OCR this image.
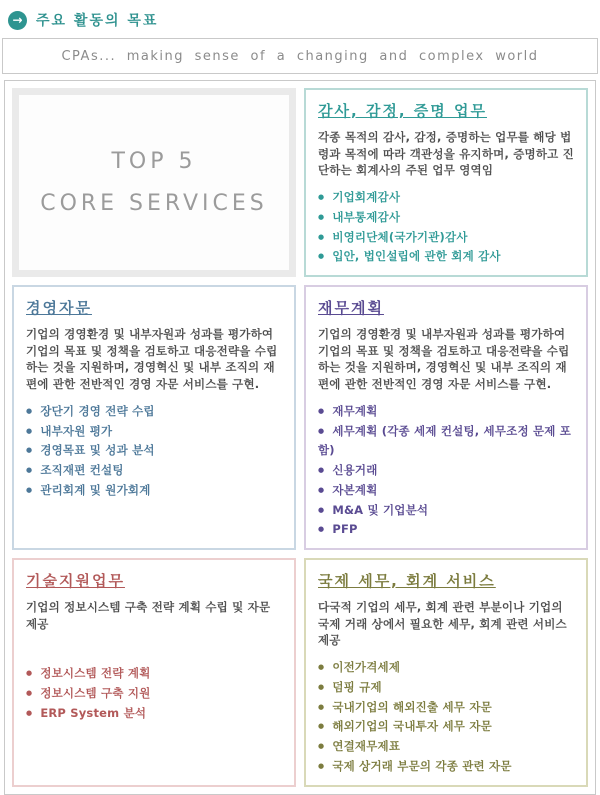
→ 주요 활동의 목표
CPAs... making sense of a changing and complex world
TOP 5
CORE SERVICES
감사, 감정, 증명 업무

각종 목적의 감사, 감정, 증명하는 업무를 해당 법령과 목적에 따라 객관성을 유지하며, 증명하고 진단하는 회계사의 주된 업무 영역임

● 기업회계감사
● 내부통제감사
● 비영리단체(국가기관)감사
● 입안, 법인설립에 관한 회계 감사
경영자문

기업의 경영환경 및 내부자원과 성과를 평가하여 기업의 목표 및 정책을 검토하고 대응전략을 수립하는 것을 지원하며, 경영혁신 및 내부 조직의 재편에 관한 전반적인 경영 자문 서비스를 구현.

● 장단기 경영 전략 수립
● 내부자원 평가
● 경영목표 및 성과 분석
● 조직재편 컨설팅
● 관리회계 및 원가회계
재무계획

기업의 경영환경 및 내부자원과 성과를 평가하여 기업의 목표 및 정책을 검토하고 대응전략을 수립하는 것을 지원하며, 경영혁신 및 내부 조직의 재편에 관한 전반적인 경영 자문 서비스를 구현.

● 재무계획
● 세무계획 (각종 세제 컨설팅, 세무조정 문제 포함)
● 신용거래
● 자본계획
● M&A 및 기업분석
● PFP
기술지원업무

기업의 정보시스템 구축 전략 계획 수립 및 자문 제공

● 정보시스템 전략 계획
● 정보시스템 구축 지원
● ERP System 분석
국제 세무, 회계 서비스

다국적 기업의 세무, 회계 관련 부분이나 기업의 국제 거래 상에서 필요한 세무, 회계 관련 서비스 제공

● 이전가격세제
● 덤핑 규제
● 국내기업의 해외진출 세무 자문
● 해외기업의 국내투자 세무 자문
● 연결재무제표
● 국제 상거래 부문의 각종 관련 자문
